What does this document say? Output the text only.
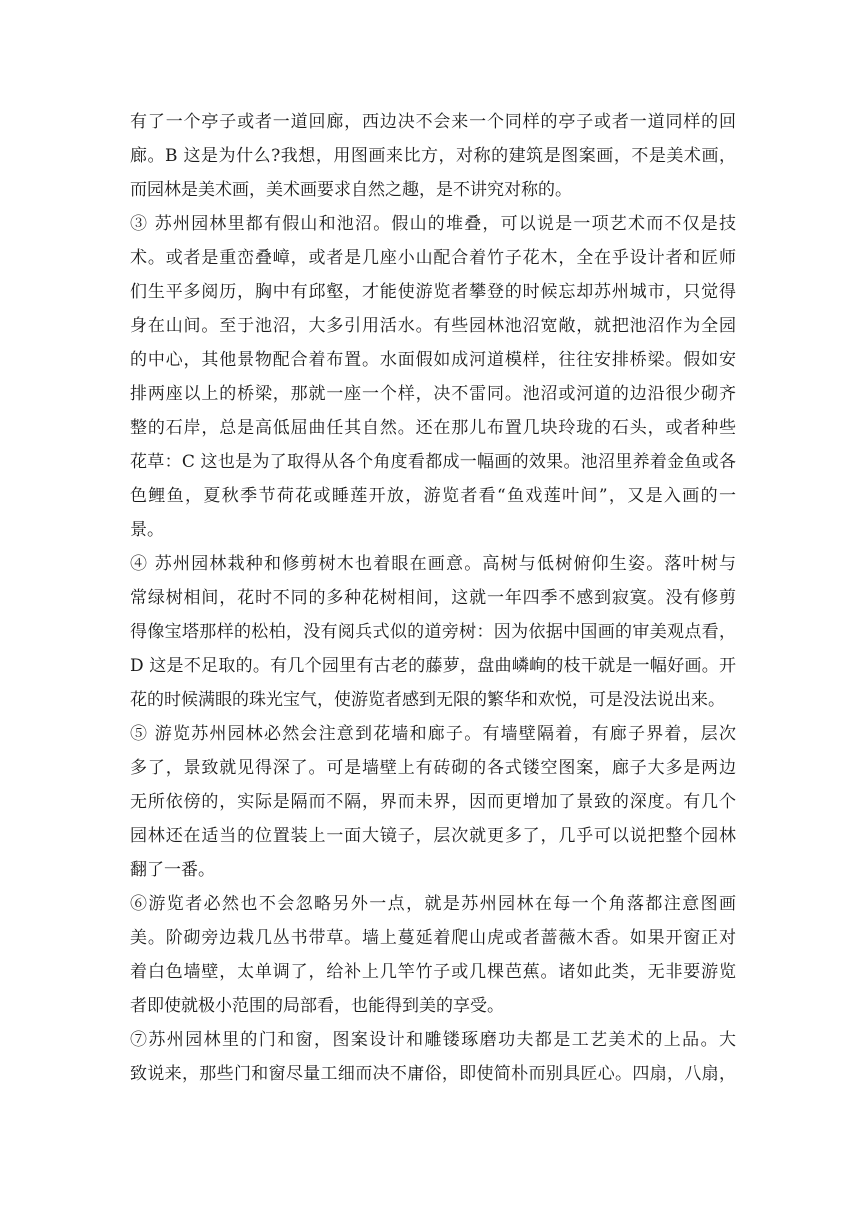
有了一个亭子或者一道回廊，西边决不会来一个同样的亭子或者一道同样的回
廊。B 这是为什么?我想，用图画来比方，对称的建筑是图案画，不是美术画，
而园林是美术画，美术画要求自然之趣，是不讲究对称的。
③ 苏州园林里都有假山和池沼。假山的堆叠，可以说是一项艺术而不仅是技
术。或者是重峦叠嶂，或者是几座小山配合着竹子花木，全在乎设计者和匠师
们生平多阅历，胸中有邱壑，才能使游览者攀登的时候忘却苏州城市，只觉得
身在山间。至于池沼，大多引用活水。有些园林池沼宽敞，就把池沼作为全园
的中心，其他景物配合着布置。水面假如成河道模样，往往安排桥梁。假如安
排两座以上的桥梁，那就一座一个样，决不雷同。池沼或河道的边沿很少砌齐
整的石岸，总是高低屈曲任其自然。还在那儿布置几块玲珑的石头，或者种些
花草：C 这也是为了取得从各个角度看都成一幅画的效果。池沼里养着金鱼或各
色鲤鱼，夏秋季节荷花或睡莲开放，游览者看“鱼戏莲叶间”，又是入画的一
景。
④ 苏州园林栽种和修剪树木也着眼在画意。高树与低树俯仰生姿。落叶树与
常绿树相间，花时不同的多种花树相间，这就一年四季不感到寂寞。没有修剪
得像宝塔那样的松柏，没有阅兵式似的道旁树：因为依据中国画的审美观点看，
D 这是不足取的。有几个园里有古老的藤萝，盘曲嶙峋的枝干就是一幅好画。开
花的时候满眼的珠光宝气，使游览者感到无限的繁华和欢悦，可是没法说出来。
⑤ 游览苏州园林必然会注意到花墙和廊子。有墙壁隔着，有廊子界着，层次
多了，景致就见得深了。可是墙壁上有砖砌的各式镂空图案，廊子大多是两边
无所依傍的，实际是隔而不隔，界而未界，因而更增加了景致的深度。有几个
园林还在适当的位置装上一面大镜子，层次就更多了，几乎可以说把整个园林
翻了一番。
⑥游览者必然也不会忽略另外一点，就是苏州园林在每一个角落都注意图画
美。阶砌旁边栽几丛书带草。墙上蔓延着爬山虎或者蔷薇木香。如果开窗正对
着白色墙壁，太单调了，给补上几竿竹子或几棵芭蕉。诸如此类，无非要游览
者即使就极小范围的局部看，也能得到美的享受。
⑦苏州园林里的门和窗，图案设计和雕镂琢磨功夫都是工艺美术的上品。大
致说来，那些门和窗尽量工细而决不庸俗，即使简朴而别具匠心。四扇，八扇，
